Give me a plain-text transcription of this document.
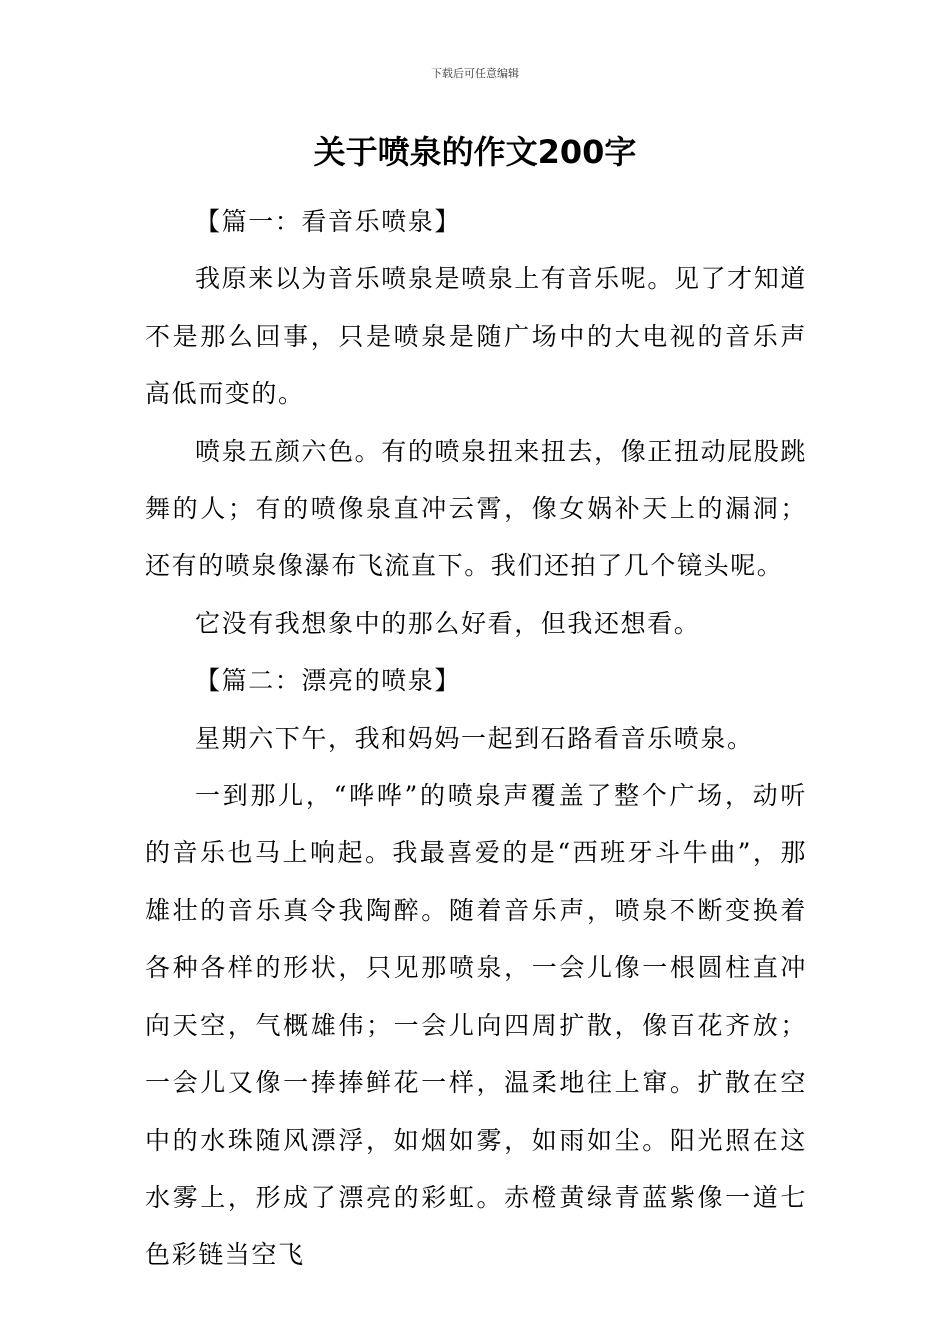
下载后可任意编辑
关于喷泉的作文200字

【篇一：看音乐喷泉】

我原来以为音乐喷泉是喷泉上有音乐呢。见了才知道不是那么回事，只是喷泉是随广场中的大电视的音乐声高低而变的。

喷泉五颜六色。有的喷泉扭来扭去，像正扭动屁股跳舞的人；有的喷像泉直冲云霄，像女娲补天上的漏洞；还有的喷泉像瀑布飞流直下。我们还拍了几个镜头呢。

它没有我想象中的那么好看，但我还想看。

【篇二：漂亮的喷泉】

星期六下午，我和妈妈一起到石路看音乐喷泉。

一到那儿，“哗哗”的喷泉声覆盖了整个广场，动听的音乐也马上响起。我最喜爱的是“西班牙斗牛曲”，那雄壮的音乐真令我陶醉。随着音乐声，喷泉不断变换着各种各样的形状，只见那喷泉，一会儿像一根圆柱直冲向天空，气概雄伟；一会儿向四周扩散，像百花齐放；一会儿又像一捧捧鲜花一样，温柔地往上窜。扩散在空中的水珠随风漂浮，如烟如雾，如雨如尘。阳光照在这水雾上，形成了漂亮的彩虹。赤橙黄绿青蓝紫像一道七色彩链当空飞
